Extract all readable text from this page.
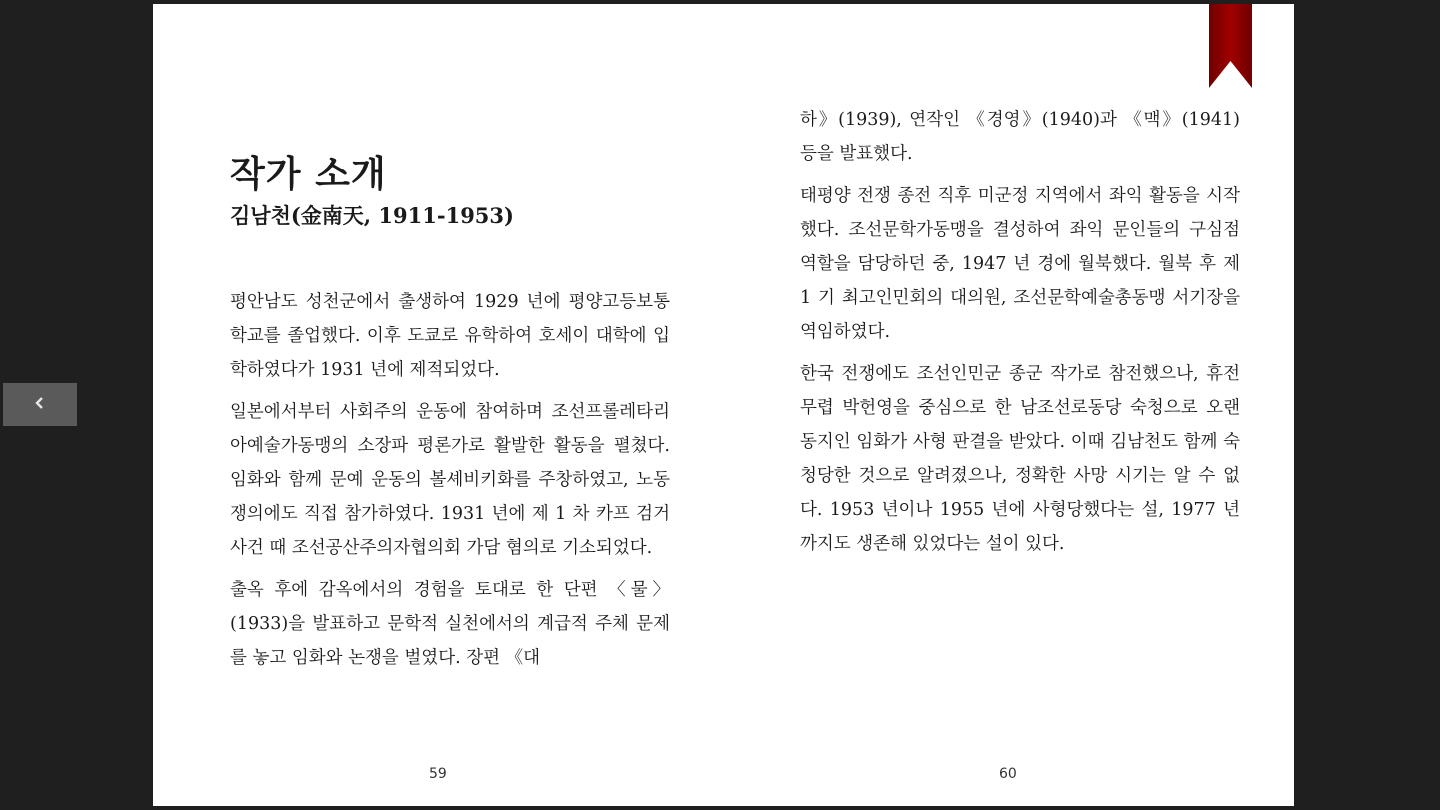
작가 소개
김남천(金南天, 1911-1953)

평안남도 성천군에서 출생하여 1929 년에 평양고등보통학교를 졸업했다. 이후 도쿄로 유학하여 호세이 대학에 입학하였다가 1931 년에 제적되었다.

일본에서부터 사회주의 운동에 참여하며 조선프롤레타리아예술가동맹의 소장파 평론가로 활발한 활동을 펼쳤다. 임화와 함께 문예 운동의 볼셰비키화를 주창하였고, 노동쟁의에도 직접 참가하였다. 1931 년에 제 1 차 카프 검거 사건 때 조선공산주의자협의회 가담 혐의로 기소되었다.

출옥 후에 감옥에서의 경험을 토대로 한 단편 〈물〉(1933)을 발표하고 문학적 실천에서의 계급적 주체 문제를 놓고 임화와 논쟁을 벌였다. 장편 《대

59

하》(1939), 연작인 《경영》(1940)과 《맥》(1941) 등을 발표했다.

태평양 전쟁 종전 직후 미군정 지역에서 좌익 활동을 시작했다. 조선문학가동맹을 결성하여 좌익 문인들의 구심점 역할을 담당하던 중, 1947 년 경에 월북했다. 월북 후 제 1 기 최고인민회의 대의원, 조선문학예술총동맹 서기장을 역임하였다.

한국 전쟁에도 조선인민군 종군 작가로 참전했으나, 휴전 무렵 박헌영을 중심으로 한 남조선로동당 숙청으로 오랜 동지인 임화가 사형 판결을 받았다. 이때 김남천도 함께 숙청당한 것으로 알려졌으나, 정확한 사망 시기는 알 수 없다. 1953 년이나 1955 년에 사형당했다는 설, 1977 년까지도 생존해 있었다는 설이 있다.

60
